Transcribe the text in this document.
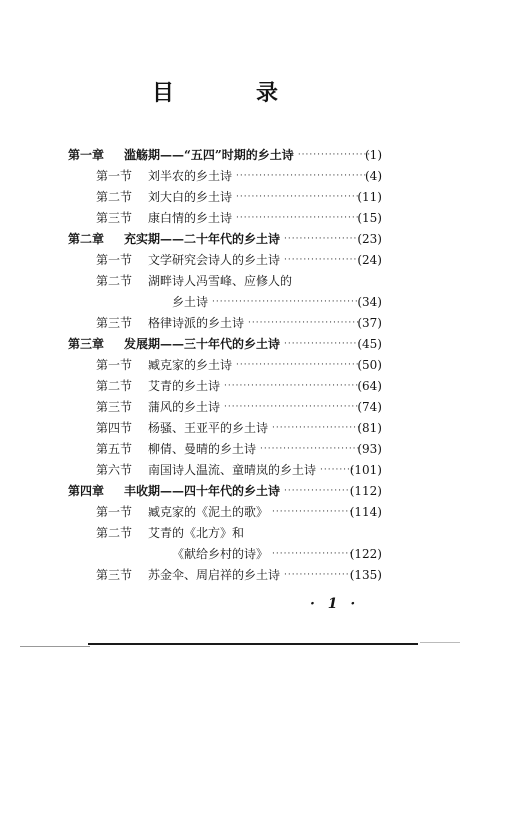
目	录
第一章 滥觞期——“五四”时期的乡土诗 ···················
(1)
第一节 刘半农的乡土诗 ··································
(4)
第二节 刘大白的乡土诗 ································
(11)
第三节 康白情的乡土诗 ································
(15)
第二章 充实期——二十年代的乡土诗 ····················
(23)
第一节 文学研究会诗人的乡土诗 ····················
(24)
第二节 湖畔诗人冯雪峰、应修人的
乡土诗 ······································
(34)
第三节 格律诗派的乡土诗 ·····························
(37)
第三章 发展期——三十年代的乡土诗 ····················
(45)
第一节 臧克家的乡土诗 ································
(50)
第二节 艾青的乡土诗 ···································
(64)
第三节 蒲风的乡土诗 ···································
(74)
第四节 杨骚、王亚平的乡土诗 ·······················
(81)
第五节 柳倩、曼晴的乡土诗 ··························
(93)
第六节 南国诗人温流、童晴岚的乡土诗 ·········
(101)
第四章 丰收期——四十年代的乡土诗 ··················
(112)
第一节 臧克家的《泥土的歌》 ·····················
(114)
第二节 艾青的《北方》和
《献给乡村的诗》 ·····················
(122)
第三节 苏金伞、周启祥的乡土诗 ··················
(135)
· 1 ·
